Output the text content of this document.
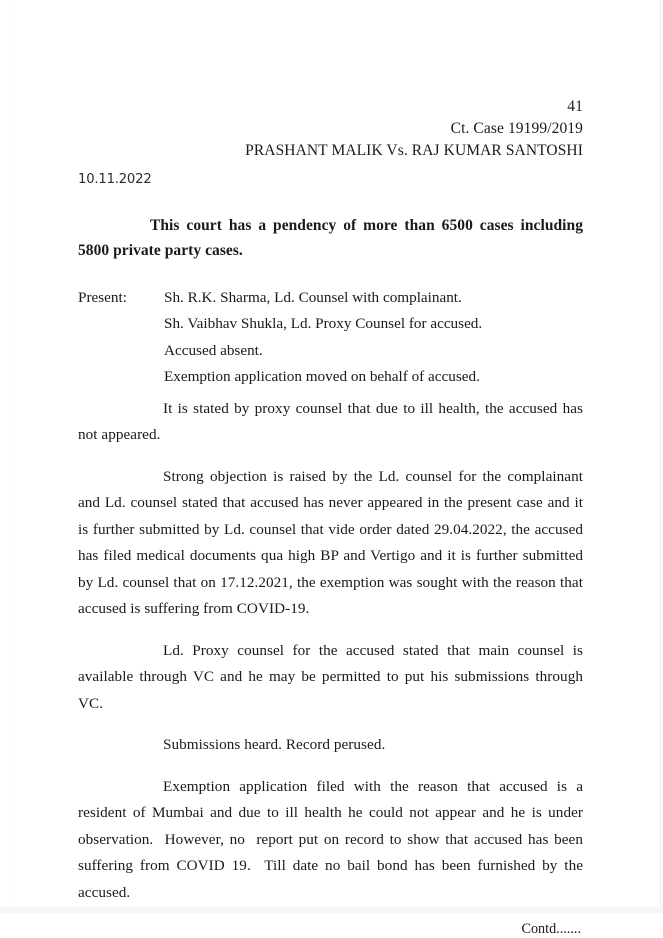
41
Ct. Case 19199/2019
PRASHANT MALIK Vs. RAJ KUMAR SANTOSHI
10.11.2022

This court has a pendency of more than 6500 cases including 5800 private party cases.

Present:	Sh. R.K. Sharma, Ld. Counsel with complainant.
Sh. Vaibhav Shukla, Ld. Proxy Counsel for accused.
Accused absent.
Exemption application moved on behalf of accused.

It is stated by proxy counsel that due to ill health, the accused has not appeared.

Strong objection is raised by the Ld. counsel for the complainant and Ld. counsel stated that accused has never appeared in the present case and it is further submitted by Ld. counsel that vide order dated 29.04.2022, the accused has filed medical documents qua high BP and Vertigo and it is further submitted by Ld. counsel that on 17.12.2021, the exemption was sought with the reason that accused is suffering from COVID-19.

Ld. Proxy counsel for the accused stated that main counsel is available through VC and he may be permitted to put his submissions through VC.

Submissions heard. Record perused.

Exemption application filed with the reason that accused is a resident of Mumbai and due to ill health he could not appear and he is under observation.  However, no  report put on record to show that accused has been suffering from COVID 19.  Till date no bail bond has been furnished by the accused.

Contd.......
